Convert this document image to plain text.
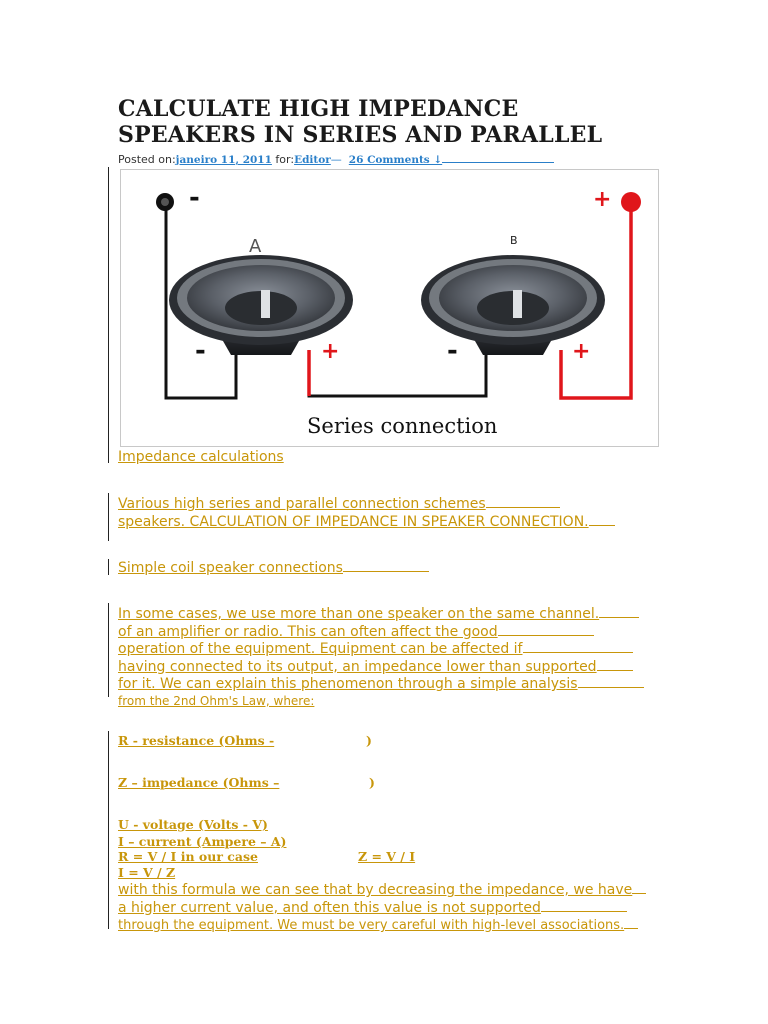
CALCULATE HIGH IMPEDANCE
SPEAKERS IN SERIES AND PARALLEL
Posted on:janeiro 11, 2011 for:Editor— 26 Comments ↓
-	+
A	B
-	+	-	+
Series connection
Impedance calculations
Various high series and parallel connection schemes
speakers. CALCULATION OF IMPEDANCE IN SPEAKER CONNECTION.
Simple coil speaker connections
In some cases, we use more than one speaker on the same channel.
of an amplifier or radio. This can often affect the good
operation of the equipment. Equipment can be affected if
having connected to its output, an impedance lower than supported
for it. We can explain this phenomenon through a simple analysis
from the 2nd Ohm's Law, where:
R - resistance (Ohms -	)
Z – impedance (Ohms –	)
U - voltage (Volts - V)
I – current (Ampere – A)
R = V / I in our case	Z = V / I
I = V / Z
with this formula we can see that by decreasing the impedance, we have
a higher current value, and often this value is not supported
through the equipment. We must be very careful with high-level associations.
